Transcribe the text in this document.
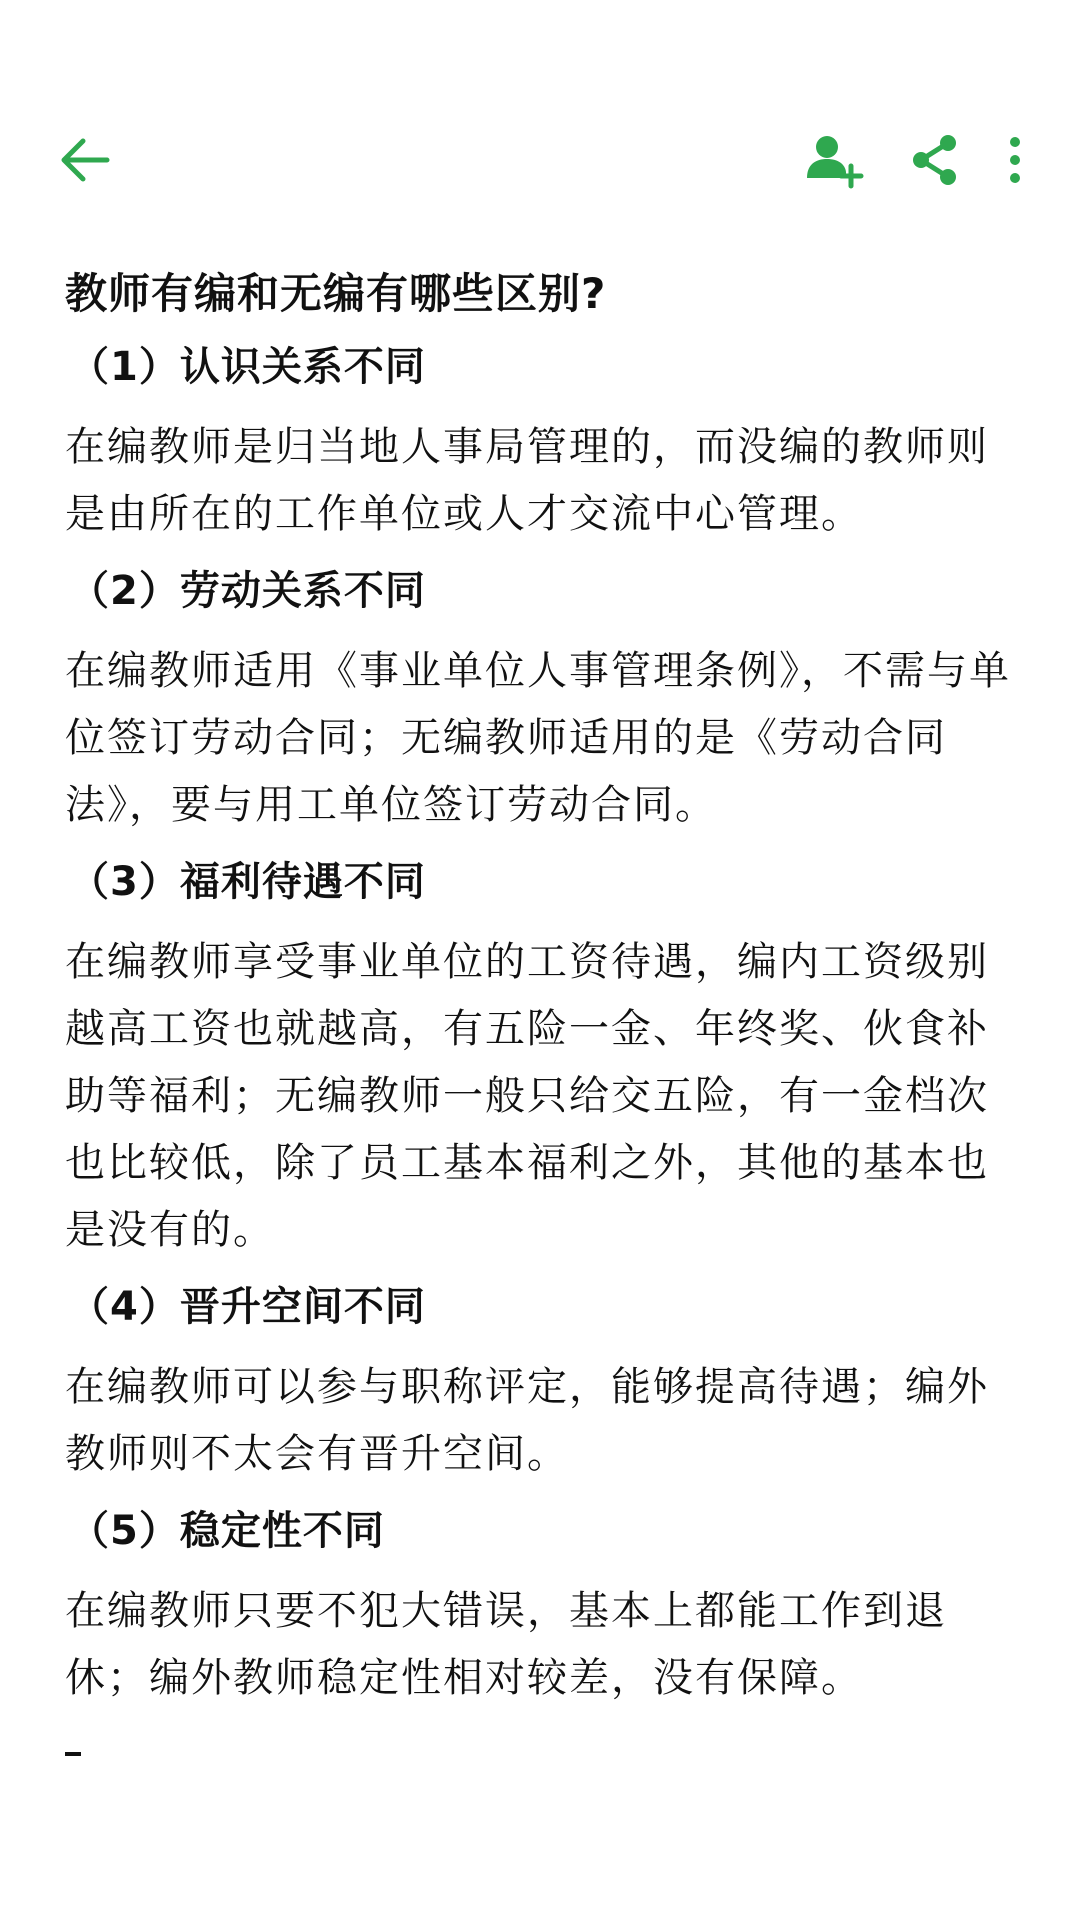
教师有编和无编有哪些区别?
（1）认识关系不同
在编教师是归当地人事局管理的，而没编的教师则是由所在的工作单位或人才交流中心管理。
（2）劳动关系不同
在编教师适用《事业单位人事管理条例》，不需与单位签订劳动合同；无编教师适用的是《劳动合同法》，要与用工单位签订劳动合同。
（3）福利待遇不同
在编教师享受事业单位的工资待遇，编内工资级别越高工资也就越高，有五险一金、年终奖、伙食补助等福利；无编教师一般只给交五险，有一金档次也比较低，除了员工基本福利之外，其他的基本也是没有的。
（4）晋升空间不同
在编教师可以参与职称评定，能够提高待遇；编外教师则不太会有晋升空间。
（5）稳定性不同
在编教师只要不犯大错误，基本上都能工作到退休；编外教师稳定性相对较差，没有保障。
